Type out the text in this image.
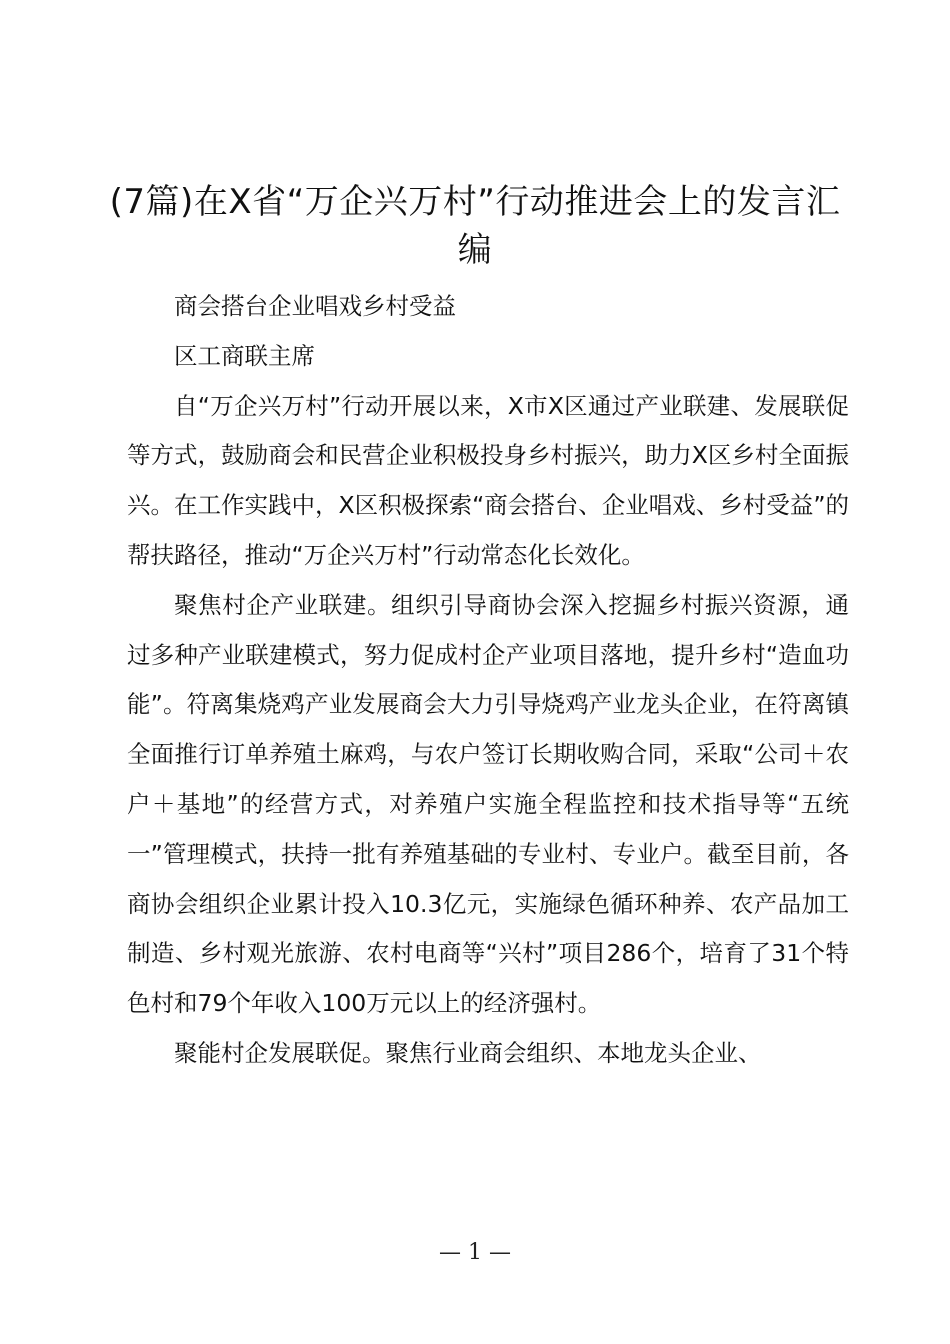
(7篇)在X省“万企兴万村”行动推进会上的发言汇编

商会搭台企业唱戏乡村受益

区工商联主席

自“万企兴万村”行动开展以来，X市X区通过产业联建、发展联促等方式，鼓励商会和民营企业积极投身乡村振兴，助力X区乡村全面振兴。在工作实践中，X区积极探索“商会搭台、企业唱戏、乡村受益”的帮扶路径，推动“万企兴万村”行动常态化长效化。

聚焦村企产业联建。组织引导商协会深入挖掘乡村振兴资源，通过多种产业联建模式，努力促成村企产业项目落地，提升乡村“造血功能”。符离集烧鸡产业发展商会大力引导烧鸡产业龙头企业，在符离镇全面推行订单养殖土麻鸡，与农户签订长期收购合同，采取“公司＋农户＋基地”的经营方式，对养殖户实施全程监控和技术指导等“五统一”管理模式，扶持一批有养殖基础的专业村、专业户。截至目前，各商协会组织企业累计投入10.3亿元，实施绿色循环种养、农产品加工制造、乡村观光旅游、农村电商等“兴村”项目286个，培育了31个特色村和79个年收入100万元以上的经济强村。

聚能村企发展联促。聚焦行业商会组织、本地龙头企业、

— 1 —
